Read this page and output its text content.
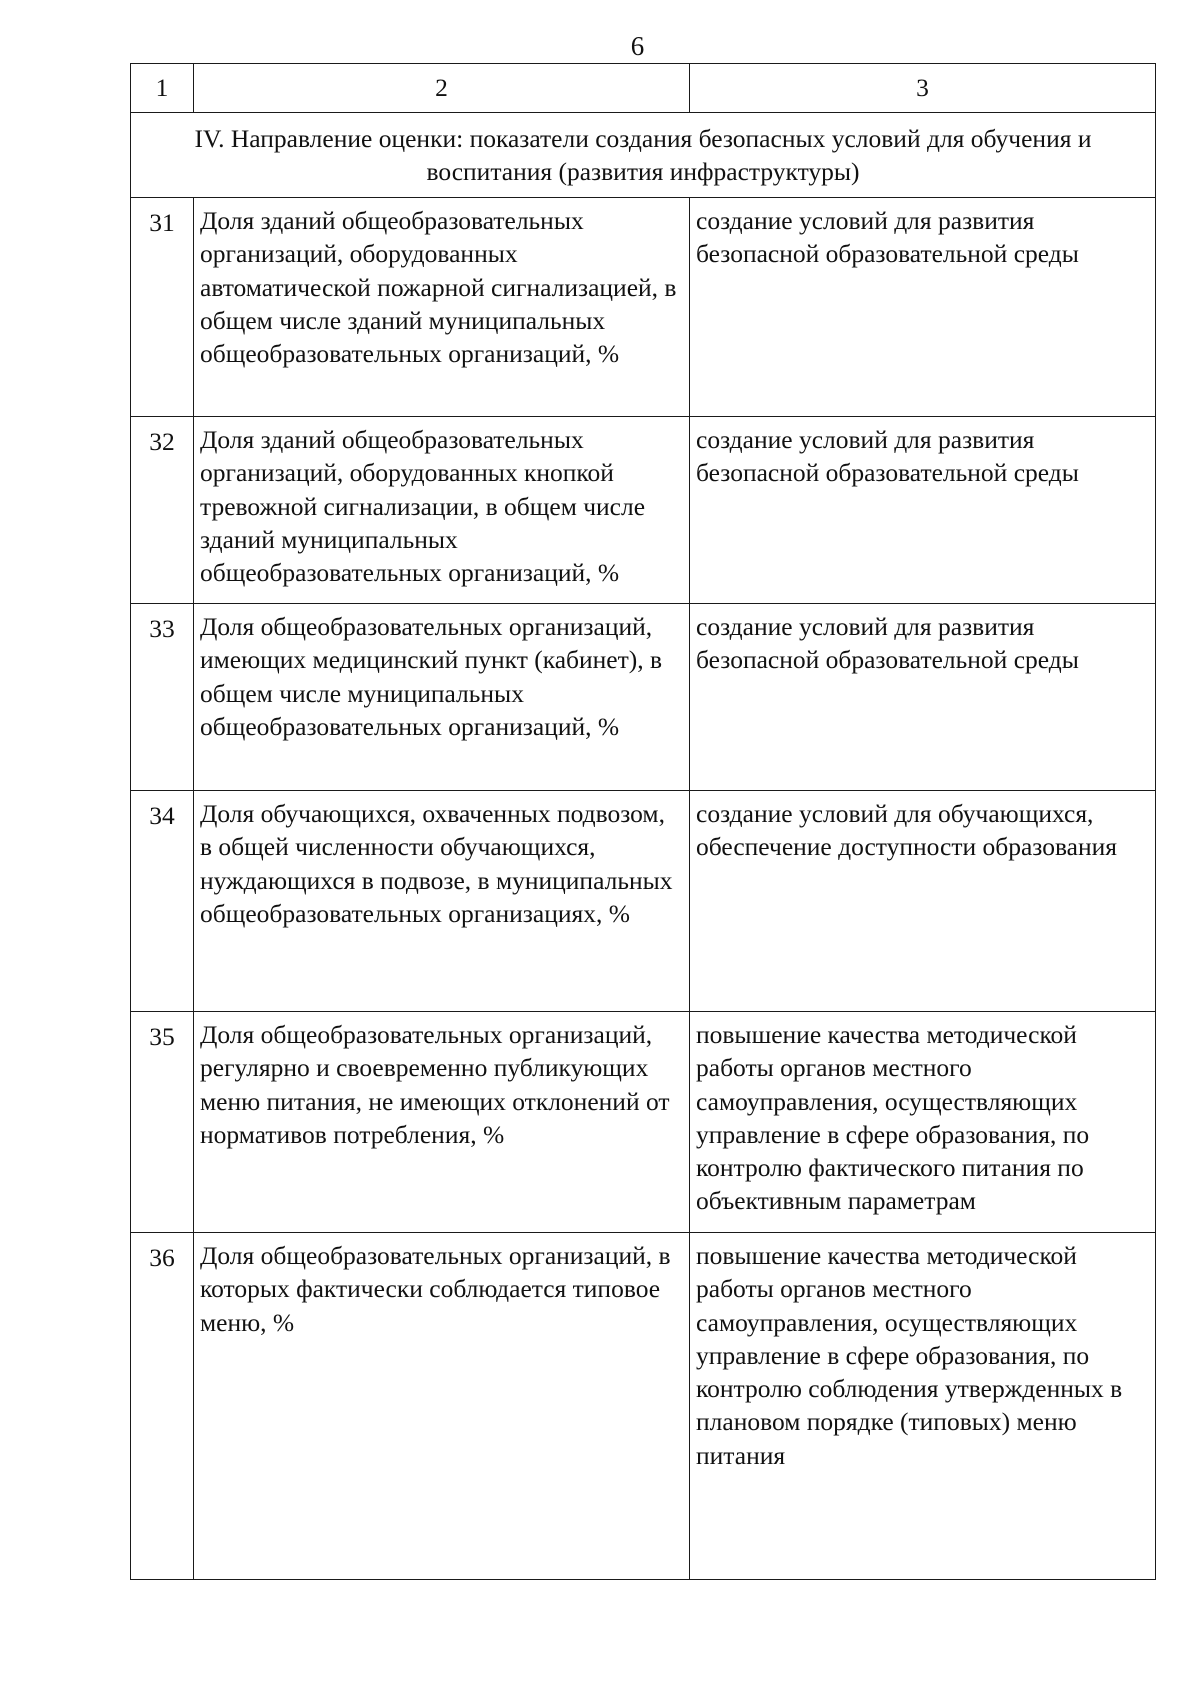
6
1	2	3
IV. Направление оценки: показатели создания безопасных условий для обучения и воспитания (развития инфраструктуры)		
31	Доля зданий общеобразовательных организаций, оборудованных автоматической пожарной сигнализацией, в общем числе зданий муниципальных общеобразовательных организаций, %	создание условий для развития безопасной образовательной среды
32	Доля зданий общеобразовательных организаций, оборудованных кнопкой тревожной сигнализации, в общем числе зданий муниципальных общеобразовательных организаций, %	создание условий для развития безопасной образовательной среды
33	Доля общеобразовательных организаций, имеющих медицинский пункт (кабинет), в общем числе муниципальных общеобразовательных организаций, %	создание условий для развития безопасной образовательной среды
34	Доля обучающихся, охваченных подвозом, в общей численности обучающихся, нуждающихся в подвозе, в муниципальных общеобразовательных организациях, %	создание условий для обучающихся, обеспечение доступности образования
35	Доля общеобразовательных организаций, регулярно и своевременно публикующих меню питания, не имеющих отклонений от нормативов потребления, %	повышение качества методической работы органов местного самоуправления, осуществляющих управление в сфере образования, по контролю фактического питания по объективным параметрам
36	Доля общеобразовательных организаций, в которых фактически соблюдается типовое меню, %	повышение качества методической работы органов местного самоуправления, осуществляющих управление в сфере образования, по контролю соблюдения утвержденных в плановом порядке (типовых) меню питания
